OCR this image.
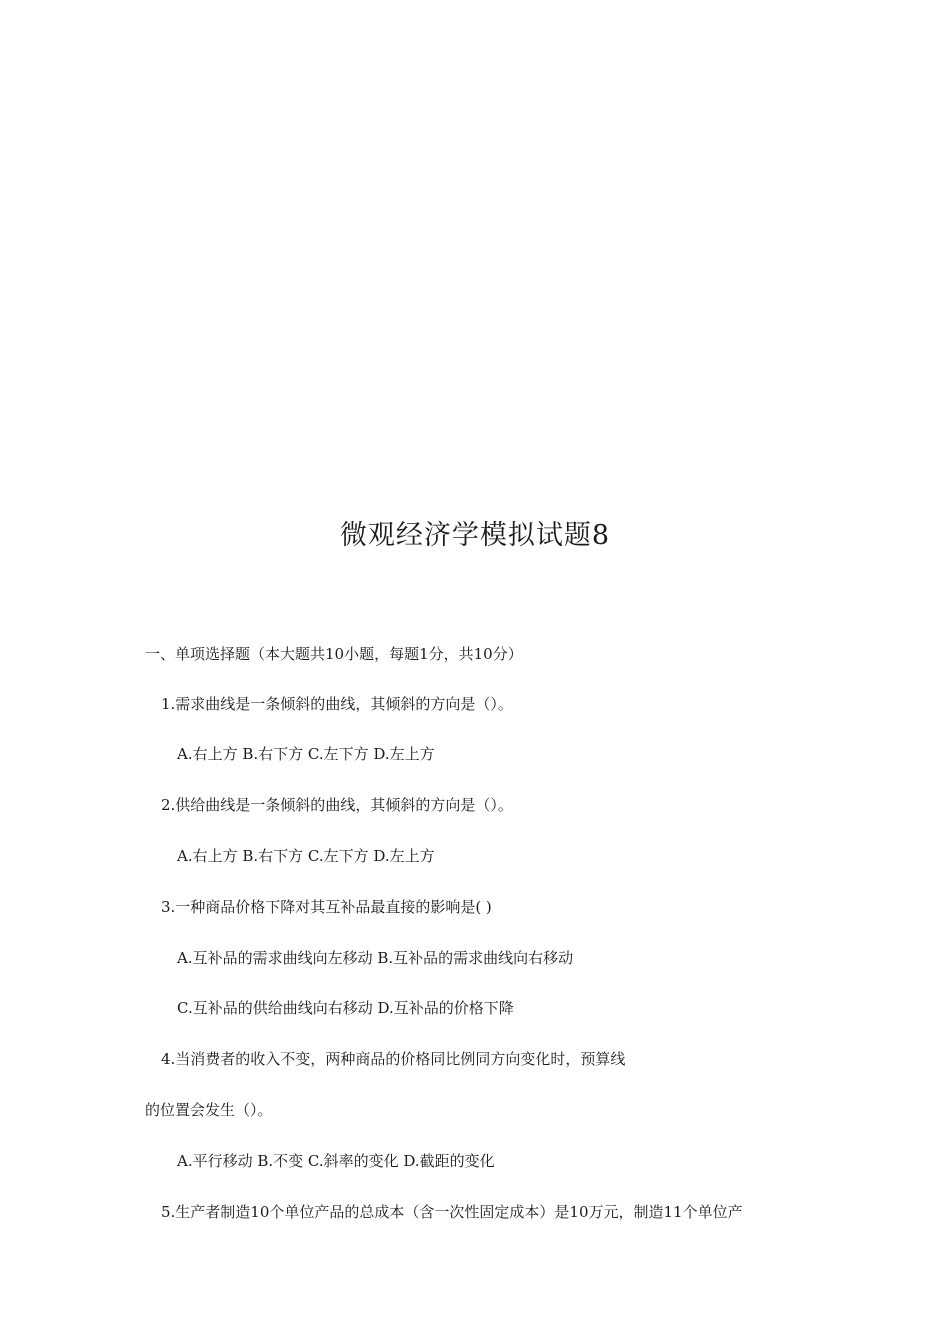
微观经济学模拟试题8
一、单项选择题（本大题共10小题，每题1分，共10分）
1.需求曲线是一条倾斜的曲线，其倾斜的方向是（）。
A.右上方 B.右下方 C.左下方 D.左上方
2.供给曲线是一条倾斜的曲线，其倾斜的方向是（）。
A.右上方 B.右下方 C.左下方 D.左上方
3.一种商品价格下降对其互补品最直接的影响是( )
A.互补品的需求曲线向左移动 B.互补品的需求曲线向右移动
C.互补品的供给曲线向右移动 D.互补品的价格下降
4.当消费者的收入不变，两种商品的价格同比例同方向变化时，预算线
的位置会发生（）。
A.平行移动 B.不变 C.斜率的变化 D.截距的变化
5.生产者制造10个单位产品的总成本（含一次性固定成本）是10万元，制造11个单位产
